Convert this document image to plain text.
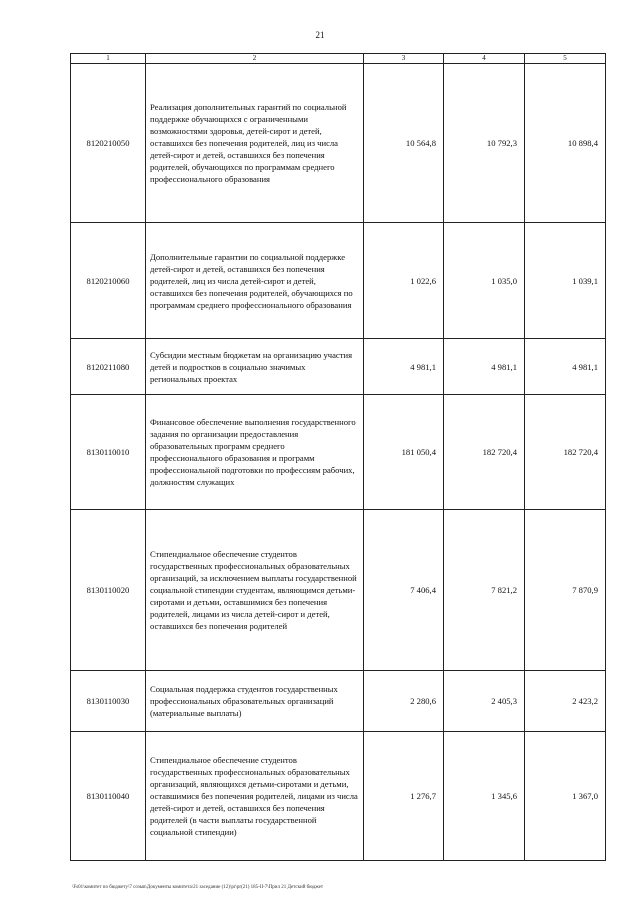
21
1	2	3	4	5
8120210050	Реализация дополнительных гарантий по социальной поддержке обучающихся с ограниченными возможностями здоровья, детей-сирот и детей, оставшихся без попечения родителей, лиц из числа детей-сирот и детей, оставшихся без попечения родителей, обучающихся по программам среднего профессионального образования	10 564,8	10 792,3	10 898,4
8120210060	Дополнительные гарантии по социальной поддержке детей-сирот и детей, оставшихся без попечения родителей, лиц из числа детей-сирот и детей, оставшихся без попечения родителей, обучающихся по программам среднего профессионального образования	1 022,6	1 035,0	1 039,1
8120211080	Субсидии местным бюджетам на организацию участия детей и подростков в социально значимых региональных проектах	4 981,1	4 981,1	4 981,1
8130110010	Финансовое обеспечение выполнения государственного задания по организации предоставления образовательных программ среднего профессионального образования и программ профессиональной подготовки по профессиям рабочих, должностям служащих	181 050,4	182 720,4	182 720,4
8130110020	Стипендиальное обеспечение студентов государственных профессиональных образовательных организаций, за исключением выплаты государственной социальной стипендии студентам, являющимся детьми-сиротами и детьми, оставшимися без попечения родителей, лицами из числа детей-сирот и детей, оставшихся без попечения родителей	7 406,4	7 821,2	7 870,9
8130110030	Социальная поддержка студентов государственных профессиональных образовательных организаций (материальные выплаты)	2 280,6	2 405,3	2 423,2
8130110040	Стипендиальное обеспечение студентов государственных профессиональных образовательных организаций, являющихся детьми-сиротами и детьми, оставшимися без попечения родителей, лицами из числа детей-сирот и детей, оставшихся без попечения родителей (в части выплаты государственной социальной стипендии)	1 276,7	1 345,6	1 367,0
\Fs01\комитет по бюджету\7 созыв\Документы комитета\21 заседание (12)\pr\pr(21) 185-II-7\Прил 21 Детский бюджет
